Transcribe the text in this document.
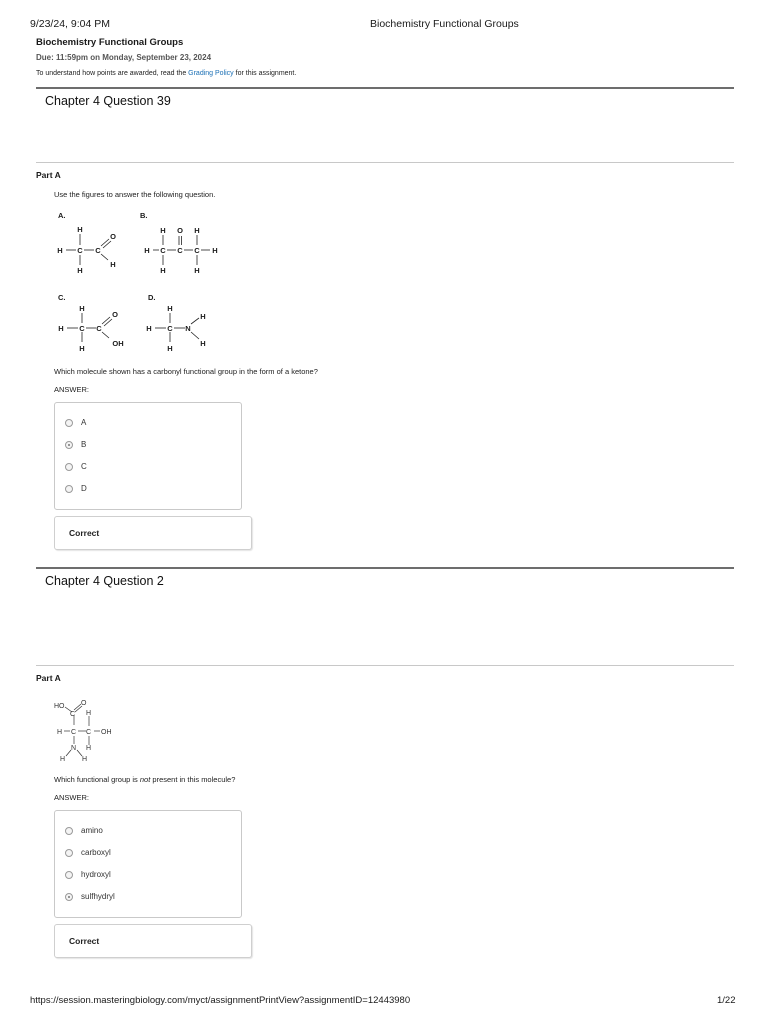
9/23/24, 9:04 PM	Biochemistry Functional Groups
Biochemistry Functional Groups
Due: 11:59pm on Monday, September 23, 2024
To understand how points are awarded, read the Grading Policy for this assignment.
Chapter 4 Question 39
Part A
Use the figures to answer the following question.
A.	B.
C.	D.
H
H C C
H
O
H
H C C C H
H O H
H	H
H
H C C
H
O
OH
H
H C N
H
H
H
Which molecule shown has a carbonyl functional group in the form of a ketone?
ANSWER:
A
B
C
D
Correct
Chapter 4 Question 2
Part A
HO O
C H
H C C OH
N H
H H
Which functional group is not present in this molecule?
ANSWER:
amino
carboxyl
hydroxyl
sulfhydryl
Correct
https://session.masteringbiology.com/myct/assignmentPrintView?assignmentID=12443980	1/22
